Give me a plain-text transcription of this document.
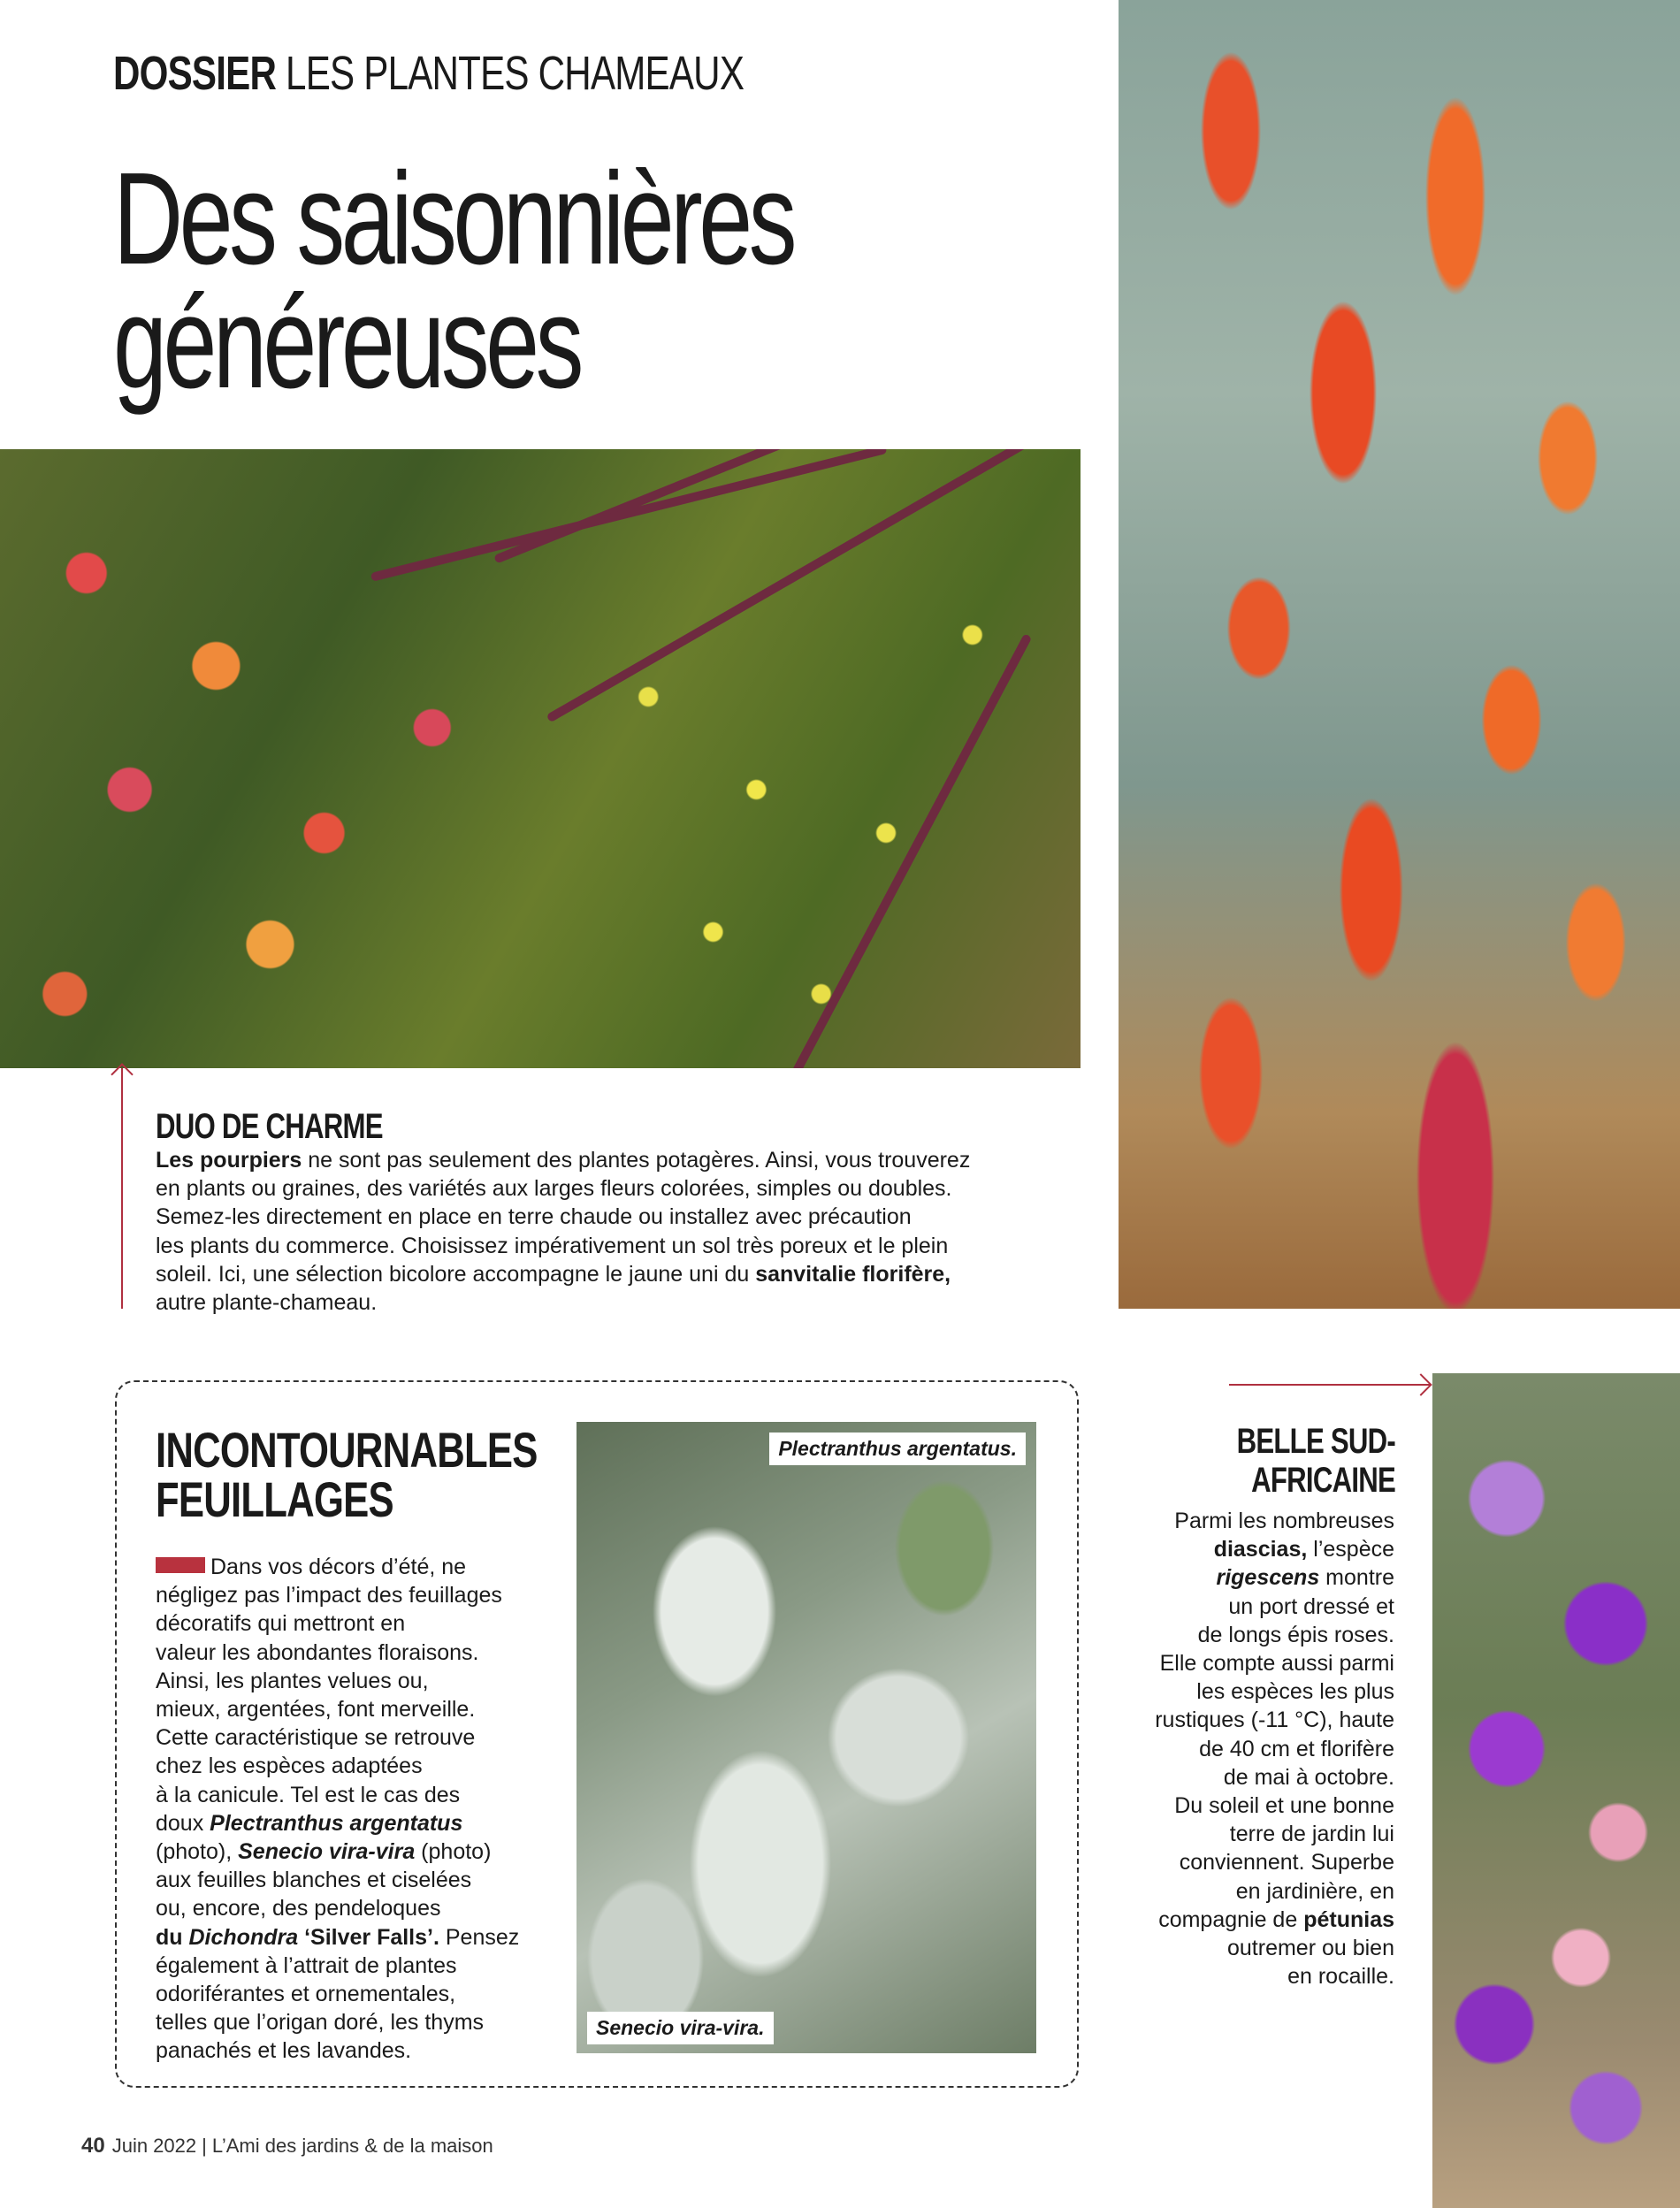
DOSSIER LES PLANTES CHAMEAUX
Des saisonnières
généreuses
DUO DE CHARME
Les pourpiers ne sont pas seulement des plantes potagères. Ainsi, vous trouverez
en plants ou graines, des variétés aux larges fleurs colorées, simples ou doubles.
Semez-les directement en place en terre chaude ou installez avec précaution
les plants du commerce. Choisissez impérativement un sol très poreux et le plein
soleil. Ici, une sélection bicolore accompagne le jaune uni du sanvitalie florifère,
autre plante-chameau.
INCONTOURNABLES
FEUILLAGES
Dans vos décors d’été, ne
négligez pas l’impact des feuillages
décoratifs qui mettront en
valeur les abondantes floraisons.
Ainsi, les plantes velues ou,
mieux, argentées, font merveille.
Cette caractéristique se retrouve
chez les espèces adaptées
à la canicule. Tel est le cas des
doux Plectranthus argentatus
(photo), Senecio vira-vira (photo)
aux feuilles blanches et ciselées
ou, encore, des pendeloques
du Dichondra ‘Silver Falls’. Pensez
également à l’attrait de plantes
odoriférantes et ornementales,
telles que l’origan doré, les thyms
panachés et les lavandes.
Plectranthus argentatus.
Senecio vira-vira.
BELLE SUD-
AFRICAINE
Parmi les nombreuses
diascias, l’espèce
rigescens montre
un port dressé et
de longs épis roses.
Elle compte aussi parmi
les espèces les plus
rustiques (-11 °C), haute
de 40 cm et florifère
de mai à octobre.
Du soleil et une bonne
terre de jardin lui
conviennent. Superbe
en jardinière, en
compagnie de pétunias
outremer ou bien
en rocaille.
40 Juin 2022 | L’Ami des jardins & de la maison
